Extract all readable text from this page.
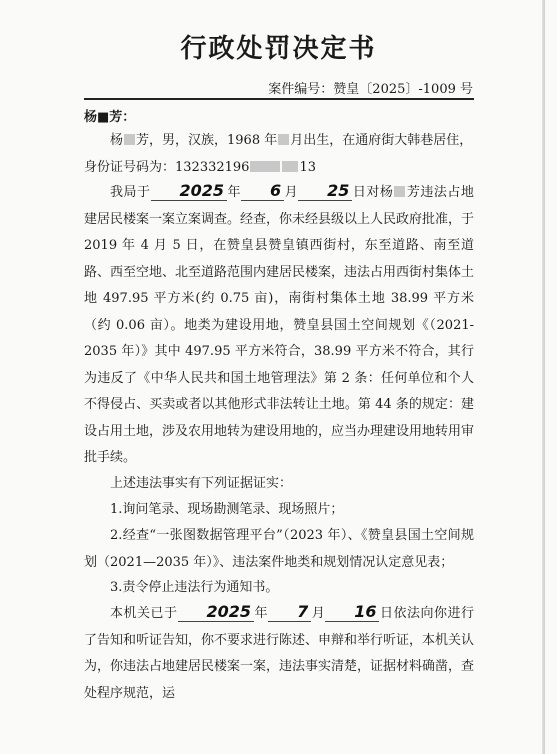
行政处罚决定书
案件编号：赞皇〔2025〕-1009 号
杨■芳：

杨 芳，男，汉族，1968 年 月出生，在通府街大韩巷居住，
身份证号码为：132332196	13

我局于 2025 年 6 月 25 日对杨 芳违法占地建居民楼案一案立案调查。经查，你未经县级以上人民政府批准，于 2019 年 4 月 5 日，在赞皇县赞皇镇西街村，东至道路、南至道路、西至空地、北至道路范围内建居民楼案，违法占用西街村集体土地 497.95 平方米(约 0.75 亩)，南街村集体土地 38.99 平方米（约 0.06 亩）。地类为建设用地，赞皇县国土空间规划《（2021-2035 年）》其中 497.95 平方米符合，38.99 平方米不符合，其行为违反了《中华人民共和国土地管理法》第 2 条：任何单位和个人不得侵占、买卖或者以其他形式非法转让土地。第 44 条的规定：建设占用土地，涉及农用地转为建设用地的，应当办理建设用地转用审批手续。

上述违法事实有下列证据证实：

1.询问笔录、现场勘测笔录、现场照片；

2.经查“一张图数据管理平台”（2023 年）、《赞皇县国土空间规划（2021—2035 年）》、违法案件地类和规划情况认定意见表；

3.责令停止违法行为通知书。

本机关已于 2025 年 7 月 16 日依法向你进行了告知和听证告知，你不要求进行陈述、申辩和举行听证，本机关认为，你违法占地建居民楼案一案，违法事实清楚，证据材料确凿，查处程序规范，运
